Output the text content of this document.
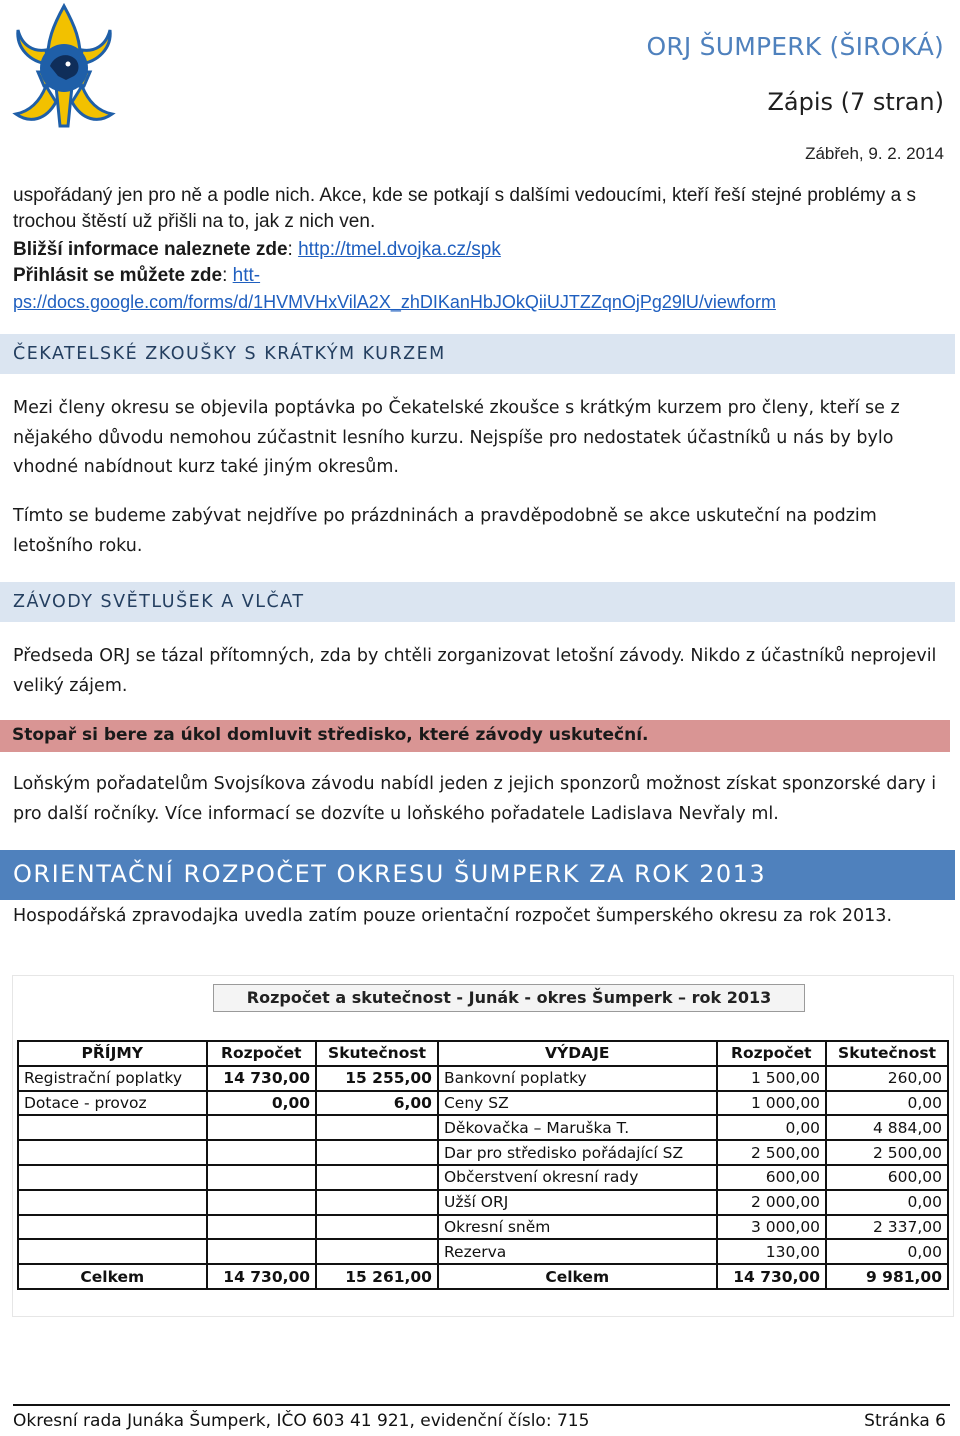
ORJ ŠUMPERK (ŠIROKÁ)
Zápis (7 stran)
Zábřeh, 9. 2. 2014
uspořádaný jen pro ně a podle nich. Akce, kde se potkají s dalšími vedoucími, kteří řeší stejné problémy a s trochou štěstí už přišli na to, jak z nich ven.
Bližší informace naleznete zde: http://tmel.dvojka.cz/spk
Přihlásit se můžete zde: htt-
ps://docs.google.com/forms/d/1HVMVHxVilA2X_zhDIKanHbJOkQiiUJTZZqnOjPg29lU/viewform
ČEKATELSKÉ ZKOUŠKY S KRÁTKÝM KURZEM
Mezi členy okresu se objevila poptávka po Čekatelské zkoušce s krátkým kurzem pro členy, kteří se z nějakého důvodu nemohou zúčastnit lesního kurzu. Nejspíše pro nedostatek účastníků u nás by bylo vhodné nabídnout kurz také jiným okresům.
Tímto se budeme zabývat nejdříve po prázdninách a pravděpodobně se akce uskuteční na podzim letošního roku.
ZÁVODY SVĚTLUŠEK A VLČAT
Předseda ORJ se tázal přítomných, zda by chtěli zorganizovat letošní závody. Nikdo z účastníků neprojevil veliký zájem.
Stopař si bere za úkol domluvit středisko, které závody uskuteční.
Loňským pořadatelům Svojsíkova závodu nabídl jeden z jejich sponzorů možnost získat sponzorské dary i pro další ročníky. Více informací se dozvíte u loňského pořadatele Ladislava Nevřaly ml.
ORIENTAČNÍ ROZPOČET OKRESU ŠUMPERK ZA ROK 2013
Hospodářská zpravodajka uvedla zatím pouze orientační rozpočet šumperského okresu za rok 2013.
Rozpočet a skutečnost - Junák - okres Šumperk – rok 2013
PŘÍJMY	Rozpočet	Skutečnost	VÝDAJE	Rozpočet	Skutečnost
Registrační poplatky	14 730,00	15 255,00	Bankovní poplatky	1 500,00	260,00
Dotace - provoz	0,00	6,00	Ceny SZ	1 000,00	0,00
			Děkovačka – Maruška T.	0,00	4 884,00
			Dar pro středisko pořádající SZ	2 500,00	2 500,00
			Občerstvení okresní rady	600,00	600,00
			Užší ORJ	2 000,00	0,00
			Okresní sněm	3 000,00	2 337,00
			Rezerva	130,00	0,00
Celkem	14 730,00	15 261,00	Celkem	14 730,00	9 981,00
Okresní rada Junáka Šumperk, IČO 603 41 921, evidenční číslo: 715	Stránka 6
